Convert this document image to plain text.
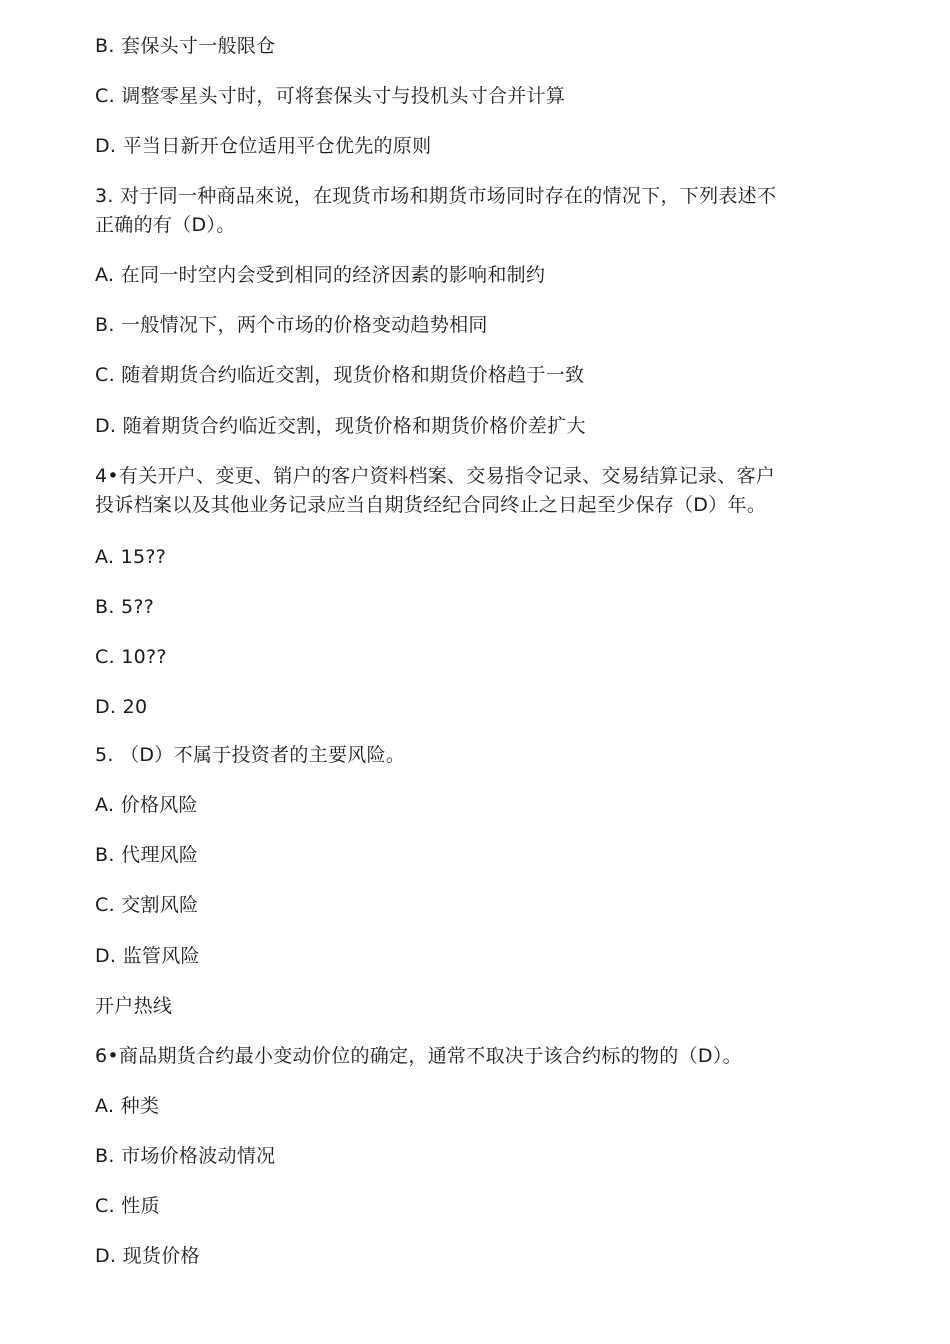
B. 套保头寸一般限仓
C. 调整零星头寸时，可将套保头寸与投机头寸合并计算
D. 平当日新开仓位适用平仓优先的原则
3. 对于同一种商品來说，在现货市场和期货市场同时存在的情况下，下列表述不
正确的有（D）。
A. 在同一时空内会受到相同的经济因素的影响和制约
B. 一般情况下，两个市场的价格变动趋势相同
C. 随着期货合约临近交割，现货价格和期货价格趋于一致
D. 随着期货合约临近交割，现货价格和期货价格价差扩大
4•有关开户、变更、销户的客户资料档案、交易指令记录、交易结算记录、客户
投诉档案以及其他业务记录应当自期货经纪合同终止之日起至少保存（D）年。
A. 15??
B. 5??
C. 10??
D. 20
5. （D）不属于投资者的主要风险。
A. 价格风险
B. 代理风险
C. 交割风险
D. 监管风险
开户热线
6•商品期货合约最小变动价位的确定，通常不取决于该合约标的物的（D）。
A. 种类
B. 市场价格波动情况
C. 性质
D. 现货价格
